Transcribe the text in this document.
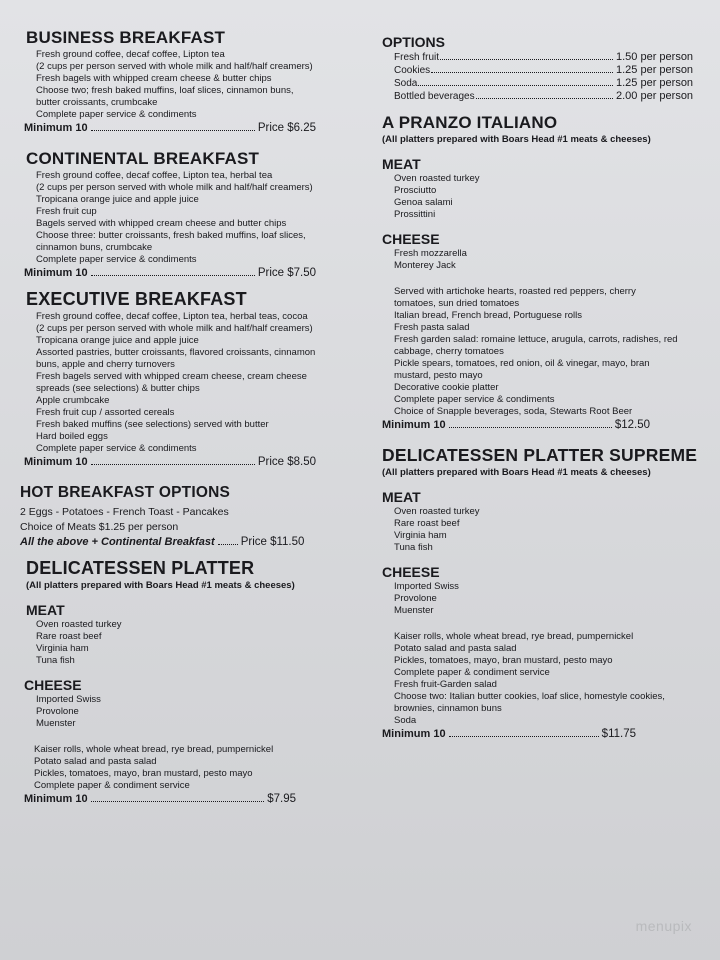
BUSINESS BREAKFAST
Fresh ground coffee, decaf coffee, Lipton tea
(2 cups per person served with whole milk and half/half creamers)
Fresh bagels with whipped cream cheese & butter chips
Choose two; fresh baked muffins, loaf slices, cinnamon buns,
butter croissants, crumbcake
Complete paper service & condiments
Minimum 10	Price $6.25
CONTINENTAL BREAKFAST
Fresh ground coffee, decaf coffee, Lipton tea, herbal tea
(2 cups per person served with whole milk and half/half creamers)
Tropicana orange juice and apple juice
Fresh fruit cup
Bagels served with whipped cream cheese and butter chips
Choose three: butter croissants, fresh baked muffins, loaf slices,
cinnamon buns, crumbcake
Complete paper service & condiments
Minimum 10	Price $7.50
EXECUTIVE BREAKFAST
Fresh ground coffee, decaf coffee, Lipton tea, herbal teas, cocoa
(2 cups per person served with whole milk and half/half creamers)
Tropicana orange juice and apple juice
Assorted pastries, butter croissants, flavored croissants, cinnamon
buns, apple and cherry turnovers
Fresh bagels served with whipped cream cheese, cream cheese
spreads (see selections) & butter chips
Apple crumbcake
Fresh fruit cup / assorted cereals
Fresh baked muffins (see selections) served with butter
Hard boiled eggs
Complete paper service & condiments
Minimum 10	Price $8.50
HOT BREAKFAST OPTIONS
2 Eggs - Potatoes - French Toast - Pancakes
Choice of Meats $1.25 per person
All the above + Continental Breakfast Price $11.50
DELICATESSEN PLATTER
(All platters prepared with Boars Head #1 meats & cheeses)
MEAT
Oven roasted turkey
Rare roast beef
Virginia ham
Tuna fish
CHEESE
Imported Swiss
Provolone
Muenster
Kaiser rolls, whole wheat bread, rye bread, pumpernickel
Potato salad and pasta salad
Pickles, tomatoes, mayo, bran mustard, pesto mayo
Complete paper & condiment service
Minimum 10	$7.95
OPTIONS
Fresh fruit	1.50 per person
Cookies	1.25 per person
Soda	1.25 per person
Bottled beverages	2.00 per person
A PRANZO ITALIANO
(All platters prepared with Boars Head #1 meats & cheeses)
MEAT
Oven roasted turkey
Prosciutto
Genoa salami
Prossittini
CHEESE
Fresh mozzarella
Monterey Jack
Served with artichoke hearts, roasted red peppers, cherry
tomatoes, sun dried tomatoes
Italian bread, French bread, Portuguese rolls
Fresh pasta salad
Fresh garden salad: romaine lettuce, arugula, carrots, radishes, red
cabbage, cherry tomatoes
Pickle spears, tomatoes, red onion, oil & vinegar, mayo, bran
mustard, pesto mayo
Decorative cookie platter
Complete paper service & condiments
Choice of Snapple beverages, soda, Stewarts Root Beer
Minimum 10	$12.50
DELICATESSEN PLATTER SUPREME
(All platters prepared with Boars Head #1 meats & cheeses)
MEAT
Oven roasted turkey
Rare roast beef
Virginia ham
Tuna fish
CHEESE
Imported Swiss
Provolone
Muenster
Kaiser rolls, whole wheat bread, rye bread, pumpernickel
Potato salad and pasta salad
Pickles, tomatoes, mayo, bran mustard, pesto mayo
Complete paper & condiment service
Fresh fruit-Garden salad
Choose two: Italian butter cookies, loaf slice, homestyle cookies,
brownies, cinnamon buns
Soda
Minimum 10	$11.75
menupix
